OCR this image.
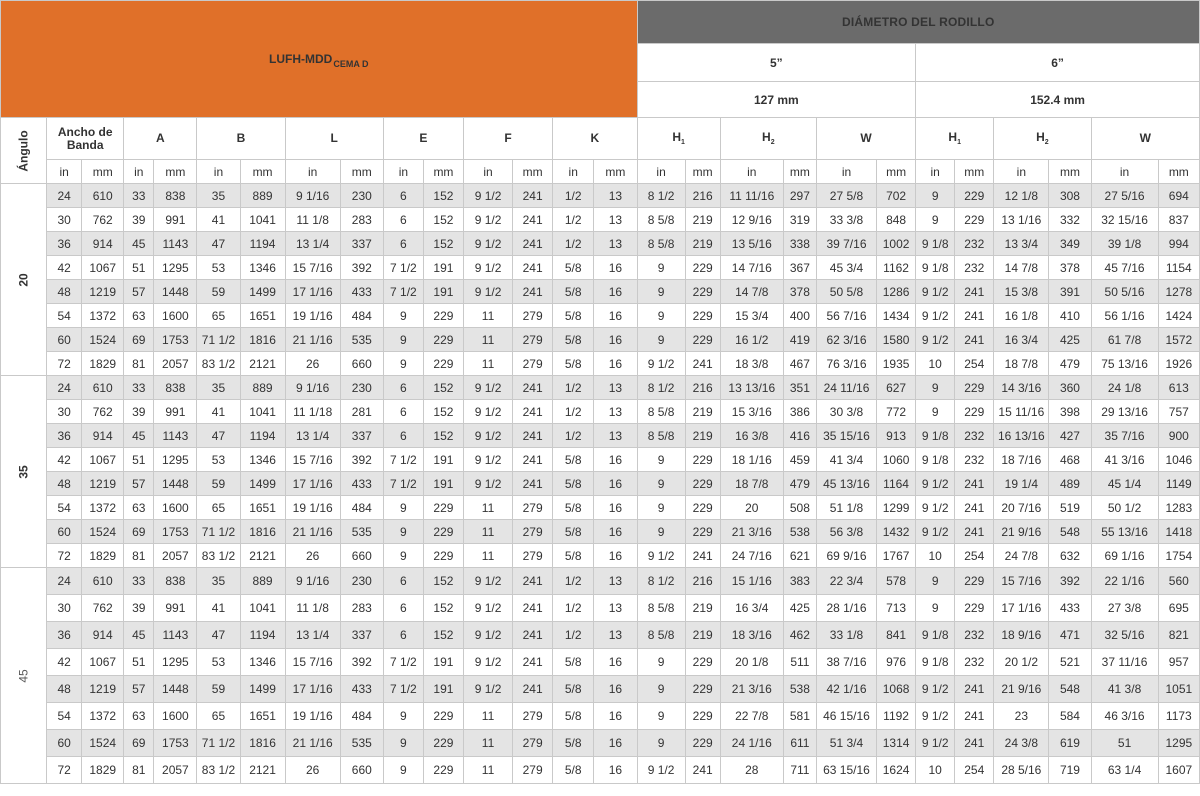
LUFH-$MDD_{CEMA D}$															DIÁMETRO DEL RODILLO											
															5”						6”					
															127 mm						152.4 mm					
Ángulo	Ancho de Banda		A		B		L		E		F		K		$H_1$		$H_2$		W		$H_1$		$H_2$		W	
	in	mm	in	mm	in	mm	in	mm	in	mm	in	mm	in	mm	in	mm	in	mm	in	mm	in	mm	in	mm	in	mm
20	24	610	33	838	35	889	9 1/16	230	6	152	9 1/2	241	1/2	13	8 1/2	216	11 11/16	297	27 5/8	702	9	229	12 1/8	308	27 5/16	694
	30	762	39	991	41	1041	11 1/8	283	6	152	9 1/2	241	1/2	13	8 5/8	219	12 9/16	319	33 3/8	848	9	229	13 1/16	332	32 15/16	837
	36	914	45	1143	47	1194	13 1/4	337	6	152	9 1/2	241	1/2	13	8 5/8	219	13 5/16	338	39 7/16	1002	9 1/8	232	13 3/4	349	39 1/8	994
	42	1067	51	1295	53	1346	15 7/16	392	7 1/2	191	9 1/2	241	5/8	16	9	229	14 7/16	367	45 3/4	1162	9 1/8	232	14 7/8	378	45 7/16	1154
	48	1219	57	1448	59	1499	17 1/16	433	7 1/2	191	9 1/2	241	5/8	16	9	229	14 7/8	378	50 5/8	1286	9 1/2	241	15 3/8	391	50 5/16	1278
	54	1372	63	1600	65	1651	19 1/16	484	9	229	11	279	5/8	16	9	229	15 3/4	400	56 7/16	1434	9 1/2	241	16 1/8	410	56 1/16	1424
	60	1524	69	1753	71 1/2	1816	21 1/16	535	9	229	11	279	5/8	16	9	229	16 1/2	419	62 3/16	1580	9 1/2	241	16 3/4	425	61 7/8	1572
	72	1829	81	2057	83 1/2	2121	26	660	9	229	11	279	5/8	16	9 1/2	241	18 3/8	467	76 3/16	1935	10	254	18 7/8	479	75 13/16	1926
35	24	610	33	838	35	889	9 1/16	230	6	152	9 1/2	241	1/2	13	8 1/2	216	13 13/16	351	24 11/16	627	9	229	14 3/16	360	24 1/8	613
	30	762	39	991	41	1041	11 1/18	281	6	152	9 1/2	241	1/2	13	8 5/8	219	15 3/16	386	30 3/8	772	9	229	15 11/16	398	29 13/16	757
	36	914	45	1143	47	1194	13 1/4	337	6	152	9 1/2	241	1/2	13	8 5/8	219	16 3/8	416	35 15/16	913	9 1/8	232	16 13/16	427	35 7/16	900
	42	1067	51	1295	53	1346	15 7/16	392	7 1/2	191	9 1/2	241	5/8	16	9	229	18 1/16	459	41 3/4	1060	9 1/8	232	18 7/16	468	41 3/16	1046
	48	1219	57	1448	59	1499	17 1/16	433	7 1/2	191	9 1/2	241	5/8	16	9	229	18 7/8	479	45 13/16	1164	9 1/2	241	19 1/4	489	45 1/4	1149
	54	1372	63	1600	65	1651	19 1/16	484	9	229	11	279	5/8	16	9	229	20	508	51 1/8	1299	9 1/2	241	20 7/16	519	50 1/2	1283
	60	1524	69	1753	71 1/2	1816	21 1/16	535	9	229	11	279	5/8	16	9	229	21 3/16	538	56 3/8	1432	9 1/2	241	21 9/16	548	55 13/16	1418
	72	1829	81	2057	83 1/2	2121	26	660	9	229	11	279	5/8	16	9 1/2	241	24 7/16	621	69 9/16	1767	10	254	24 7/8	632	69 1/16	1754
45	24	610	33	838	35	889	9 1/16	230	6	152	9 1/2	241	1/2	13	8 1/2	216	15 1/16	383	22 3/4	578	9	229	15 7/16	392	22 1/16	560
	30	762	39	991	41	1041	11 1/8	283	6	152	9 1/2	241	1/2	13	8 5/8	219	16 3/4	425	28 1/16	713	9	229	17 1/16	433	27 3/8	695
	36	914	45	1143	47	1194	13 1/4	337	6	152	9 1/2	241	1/2	13	8 5/8	219	18 3/16	462	33 1/8	841	9 1/8	232	18 9/16	471	32 5/16	821
	42	1067	51	1295	53	1346	15 7/16	392	7 1/2	191	9 1/2	241	5/8	16	9	229	20 1/8	511	38 7/16	976	9 1/8	232	20 1/2	521	37 11/16	957
	48	1219	57	1448	59	1499	17 1/16	433	7 1/2	191	9 1/2	241	5/8	16	9	229	21 3/16	538	42 1/16	1068	9 1/2	241	21 9/16	548	41 3/8	1051
	54	1372	63	1600	65	1651	19 1/16	484	9	229	11	279	5/8	16	9	229	22 7/8	581	46 15/16	1192	9 1/2	241	23	584	46 3/16	1173
	60	1524	69	1753	71 1/2	1816	21 1/16	535	9	229	11	279	5/8	16	9	229	24 1/16	611	51 3/4	1314	9 1/2	241	24 3/8	619	51	1295
	72	1829	81	2057	83 1/2	2121	26	660	9	229	11	279	5/8	16	9 1/2	241	28	711	63 15/16	1624	10	254	28 5/16	719	63 1/4	1607
